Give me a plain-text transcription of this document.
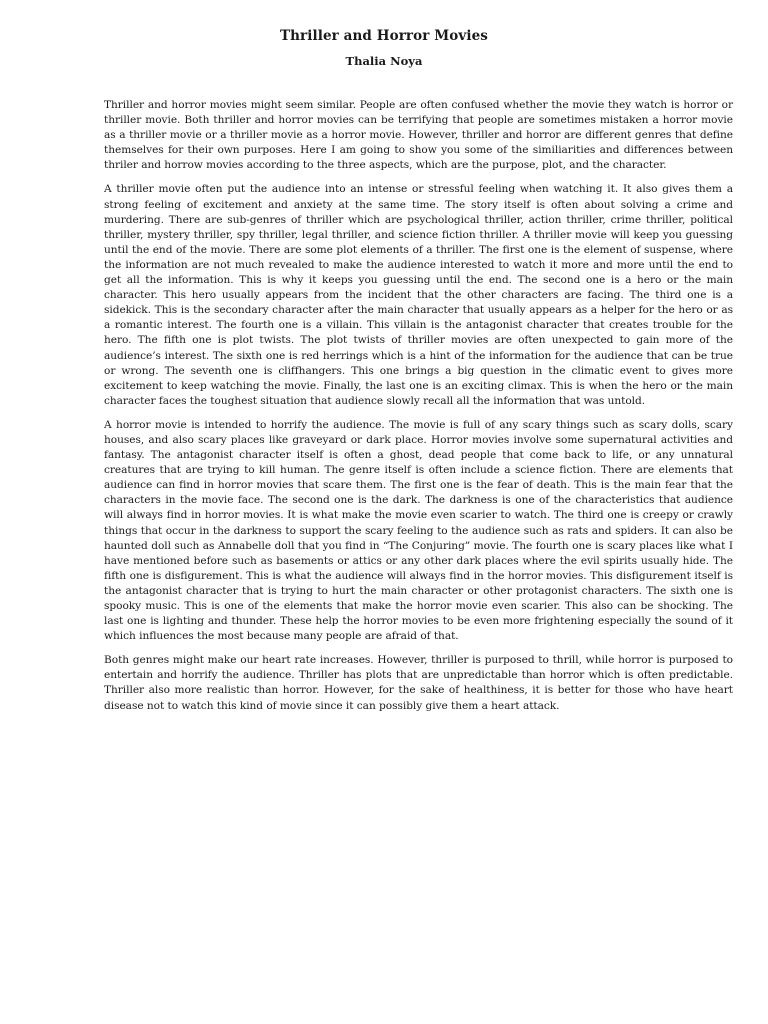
Thriller and Horror Movies
Thalia Noya

Thriller and horror movies might seem similar. People are often confused whether the movie they watch is horror or thriller movie. Both thriller and horror movies can be terrifying that people are sometimes mistaken a horror movie as a thriller movie or a thriller movie as a horror movie. However, thriller and horror are different genres that define themselves for their own purposes. Here I am going to show you some of the similiarities and differences between thriler and horrow movies according to the three aspects, which are the purpose, plot, and the character.

A thriller movie often put the audience into an intense or stressful feeling when watching it. It also gives them a strong feeling of excitement and anxiety at the same time. The story itself is often about solving a crime and murdering. There are sub-genres of thriller which are psychological thriller, action thriller, crime thriller, political thriller, mystery thriller, spy thriller, legal thriller, and science fiction thriller. A thriller movie will keep you guessing until the end of the movie. There are some plot elements of a thriller. The first one is the element of suspense, where the information are not much revealed to make the audience interested to watch it more and more until the end to get all the information. This is why it keeps you guessing until the end. The second one is a hero or the main character. This hero usually appears from the incident that the other characters are facing. The third one is a sidekick. This is the secondary character after the main character that usually appears as a helper for the hero or as a romantic interest. The fourth one is a villain. This villain is the antagonist character that creates trouble for the hero. The fifth one is plot twists. The plot twists of thriller movies are often unexpected to gain more of the audience’s interest. The sixth one is red herrings which is a hint of the information for the audience that can be true or wrong. The seventh one is cliffhangers. This one brings a big question in the climatic event to gives more excitement to keep watching the movie. Finally, the last one is an exciting climax. This is when the hero or the main character faces the toughest situation that audience slowly recall all the information that was untold.

A horror movie is intended to horrify the audience. The movie is full of any scary things such as scary dolls, scary houses, and also scary places like graveyard or dark place. Horror movies involve some supernatural activities and fantasy. The antagonist character itself is often a ghost, dead people that come back to life, or any unnatural creatures that are trying to kill human. The genre itself is often include a science fiction. There are elements that audience can find in horror movies that scare them. The first one is the fear of death. This is the main fear that the characters in the movie face. The second one is the dark. The darkness is one of the characteristics that audience will always find in horror movies. It is what make the movie even scarier to watch. The third one is creepy or crawly things that occur in the darkness to support the scary feeling to the audience such as rats and spiders. It can also be haunted doll such as Annabelle doll that you find in “The Conjuring” movie. The fourth one is scary places like what I have mentioned before such as basements or attics or any other dark places where the evil spirits usually hide. The fifth one is disfigurement. This is what the audience will always find in the horror movies. This disfigurement itself is the antagonist character that is trying to hurt the main character or other protagonist characters. The sixth one is spooky music. This is one of the elements that make the horror movie even scarier. This also can be shocking. The last one is lighting and thunder. These help the horror movies to be even more frightening especially the sound of it which influences the most because many people are afraid of that.

Both genres might make our heart rate increases. However, thriller is purposed to thrill, while horror is purposed to entertain and horrify the audience. Thriller has plots that are unpredictable than horror which is often predictable. Thriller also more realistic than horror. However, for the sake of healthiness, it is better for those who have heart disease not to watch this kind of movie since it can possibly give them a heart attack.
